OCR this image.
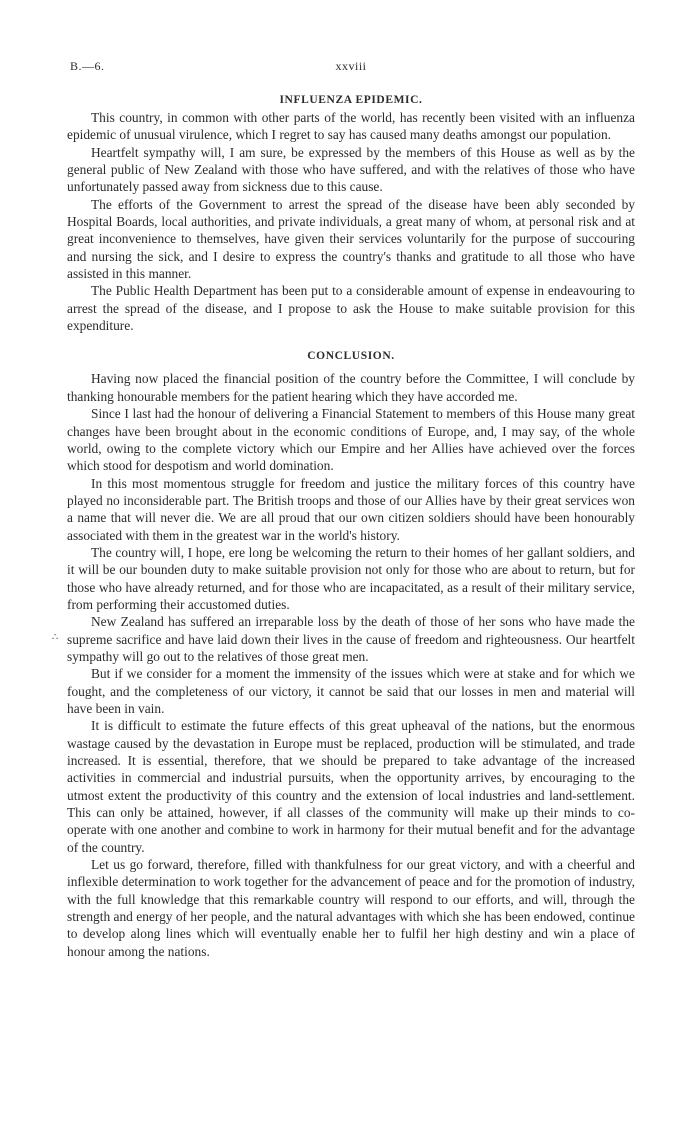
B.—6.	xxviii
INFLUENZA EPIDEMIC.

This country, in common with other parts of the world, has recently been visited with an influenza epidemic of unusual virulence, which I regret to say has caused many deaths amongst our population.

Heartfelt sympathy will, I am sure, be expressed by the members of this House as well as by the general public of New Zealand with those who have suffered, and with the relatives of those who have unfortunately passed away from sickness due to this cause.

The efforts of the Government to arrest the spread of the disease have been ably seconded by Hospital Boards, local authorities, and private individuals, a great many of whom, at personal risk and at great inconvenience to themselves, have given their services voluntarily for the purpose of succouring and nursing the sick, and I desire to express the country's thanks and gratitude to all those who have assisted in this manner.

The Public Health Department has been put to a considerable amount of expense in endeavouring to arrest the spread of the disease, and I propose to ask the House to make suitable provision for this expenditure.

CONCLUSION.

Having now placed the financial position of the country before the Committee, I will conclude by thanking honourable members for the patient hearing which they have accorded me.

Since I last had the honour of delivering a Financial Statement to members of this House many great changes have been brought about in the economic conditions of Europe, and, I may say, of the whole world, owing to the complete victory which our Empire and her Allies have achieved over the forces which stood for despotism and world domination.

In this most momentous struggle for freedom and justice the military forces of this country have played no inconsiderable part. The British troops and those of our Allies have by their great services won a name that will never die. We are all proud that our own citizen soldiers should have been honourably associated with them in the greatest war in the world's history.

The country will, I hope, ere long be welcoming the return to their homes of her gallant soldiers, and it will be our bounden duty to make suitable provision not only for those who are about to return, but for those who have already returned, and for those who are incapacitated, as a result of their military service, from performing their accustomed duties.

New Zealand has suffered an irreparable loss by the death of those of her sons who have made the supreme sacrifice and have laid down their lives in the cause of freedom and righteousness. Our heartfelt sympathy will go out to the relatives of those great men.

But if we consider for a moment the immensity of the issues which were at stake and for which we fought, and the completeness of our victory, it cannot be said that our losses in men and material will have been in vain.

It is difficult to estimate the future effects of this great upheaval of the nations, but the enormous wastage caused by the devastation in Europe must be replaced, production will be stimulated, and trade increased. It is essential, therefore, that we should be prepared to take advantage of the increased activities in commercial and industrial pursuits, when the opportunity arrives, by encouraging to the utmost extent the productivity of this country and the extension of local industries and land-settlement. This can only be attained, however, if all classes of the community will make up their minds to co-operate with one another and combine to work in harmony for their mutual benefit and for the advantage of the country.

Let us go forward, therefore, filled with thankfulness for our great victory, and with a cheerful and inflexible determination to work together for the advancement of peace and for the promotion of industry, with the full knowledge that this remarkable country will respond to our efforts, and will, through the strength and energy of her people, and the natural advantages with which she has been endowed, continue to develop along lines which will eventually enable her to fulfil her high destiny and win a place of honour among the nations.

∴
